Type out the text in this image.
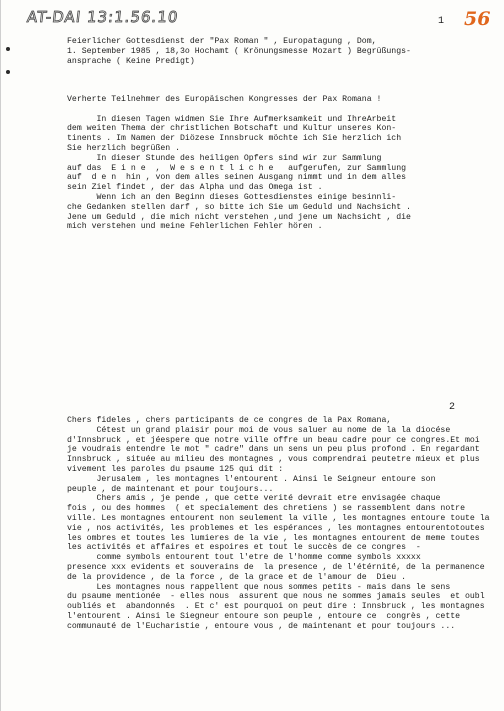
AT-DAI 13:1.56.10	1 56
Feierlicher Gottesdienst der "Pax Roman " , Europatagung , Dom,
1. September 1985 , 18,3o Hochamt ( Krönungsmesse Mozart ) Begrüßungs-
ansprache ( Keine Predigt)
Verherte Teilnehmer des Europäischen Kongresses der Pax Romana !

In diesen Tagen widmen Sie Ihre Aufmerksamkeit und IhreArbeit
dem weiten Thema der christlichen Botschaft und Kultur unseres Kon-
tinents . Im Namen der Diözese Innsbruck möchte ich Sie herzlich ich
Sie herzlich begrüßen .
In dieser Stunde des heiligen Opfers sind wir zur Sammlung
auf das  E i n e  ,  W e s e n t l i c h e   aufgerufen, zur Sammlung
auf  d e n  hin , von dem alles seinen Ausgang nimmt und in dem alles
sein Ziel findet , der das Alpha und das Omega ist .
Wenn ich an den Beginn dieses Gottesdienstes einige besinnli-
che Gedanken stellen darf , so bitte ich Sie um Geduld und Nachsicht .
Jene um Geduld , die mich nicht verstehen ,und jene um Nachsicht , die
mich verstehen und meine Fehlerlichen Fehler hören .
2
Chers fideles , chers participants de ce congres de la Pax Romana,
Cétest un grand plaisir pour moi de vous saluer au nome de la la diocése
d'Innsbruck , et jéespere que notre ville offre un beau cadre pour ce congres.Et moi
je voudrais entendre le mot " cadre" dans un sens un peu plus profond . En regardant
Innsbruck , située au milieu des montagnes , vous comprendrai peutetre mieux et plus
vivement les paroles du psaume 125 qui dit :
Jerusalem , les montagnes l'entourent . Ainsi le Seigneur entoure son
peuple , de maintenant et pour toujours...
Chers amis , je pende , que cette verité devrait etre envisagée chaque
fois , ou des hommes  ( et specialement des chretiens ) se rassemblent dans notre
ville. Les montagnes entourent non seulement la ville , les montagnes entoure toute la
vie , nos activités, les problemes et les espérances , les montagnes entourentotoutes
les ombres et toutes les lumieres de la vie , les montagnes entourent de meme toutes
les activités et affaires et espoires et tout le succès de ce congres  -
comme symbols entourent tout l'etre de l'homme comme symbols xxxxx
presence xxx evidents et souverains de  la presence , de l'étérnité, de la permanence
de la providence , de la force , de la grace et de l'amour de  Dieu .
Les montagnes nous rappellent que nous sommes petits - mais dans le sens
du psaume mentionée  - elles nous  assurent que nous ne sommes jamais seules  et oubl
oubliés et  abandonnés  . Et c' est pourquoi on peut dire : Innsbruck , les montagnes
l'entourent . Ainsi le Siegneur entoure son peuple , entoure ce  congrès , cette
communauté de l'Eucharistie , entoure vous , de maintenant et pour toujours ...
